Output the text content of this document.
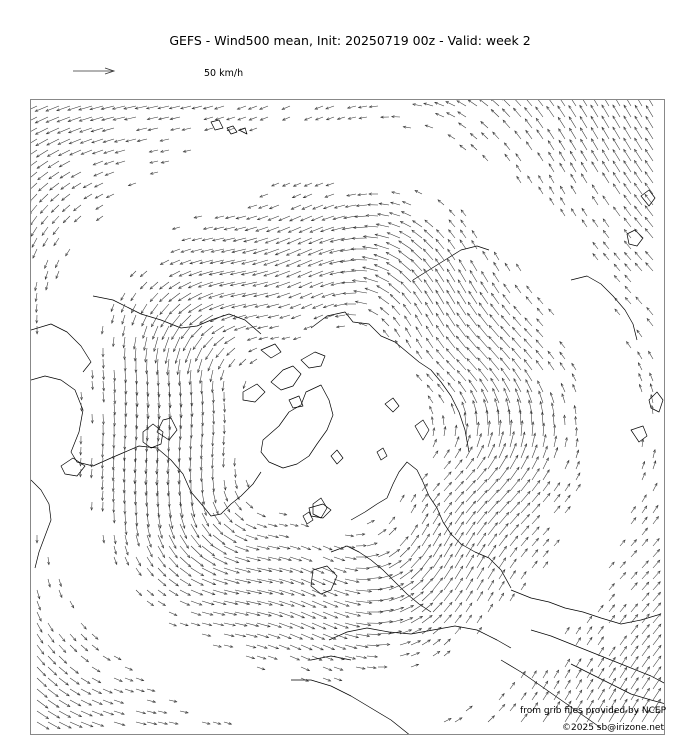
GEFS - Wind500 mean, Init: 20250719 00z - Valid: week 2
50 km/h
from grib files provided by NCEP
©2025 sb@irizone.net
